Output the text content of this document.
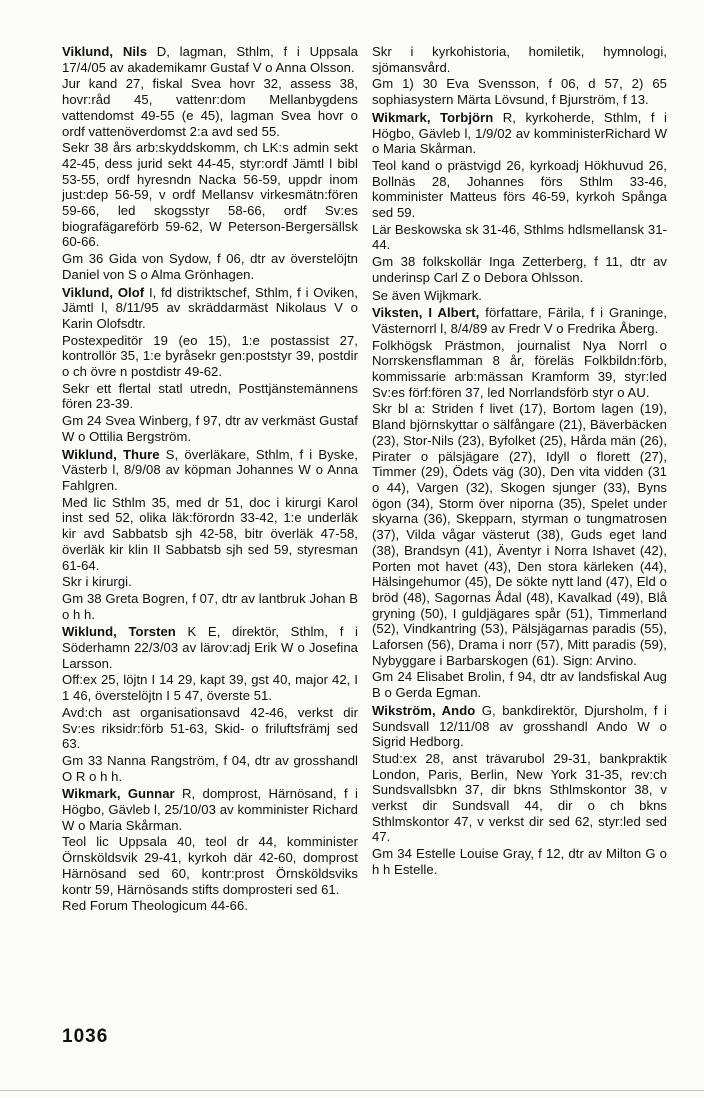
Viklund, Nils D, lagman, Sthlm, f i Uppsala 17/4/05 av akademikamr Gustaf V o Anna Olsson.

Jur kand 27, fiskal Svea hovr 32, assess 38, hovr:råd 45, vattenr:dom Mellanbygdens vattendomst 49-55 (e 45), lagman Svea hovr o ordf vattenöverdomst 2:a avd sed 55.

Sekr 38 års arb:skyddskomm, ch LK:s admin sekt 42-45, dess jurid sekt 44-45, styr:ordf Jämtl l bibl 53-55, ordf hyresndn Nacka 56-59, uppdr inom just:dep 56-59, v ordf Mellansv virkesmätn:fören 59-66, led skogsstyr 58-66, ordf Sv:es biografägareförb 59-62, W Peterson-Bergersällsk 60-66.

Gm 36 Gida von Sydow, f 06, dtr av överstelöjtn Daniel von S o Alma Grönhagen.

Viklund, Olof I, fd distriktschef, Sthlm, f i Oviken, Jämtl l, 8/11/95 av skräddarmäst Nikolaus V o Karin Olofsdtr.

Postexpeditör 19 (eo 15), 1:e postassist 27, kontrollör 35, 1:e byråsekr gen:poststyr 39, postdir o ch övre n postdistr 49-62.

Sekr ett flertal statl utredn, Posttjänstemännens fören 23-39.

Gm 24 Svea Winberg, f 97, dtr av verkmäst Gustaf W o Ottilia Bergström.

Wiklund, Thure S, överläkare, Sthlm, f i Byske, Västerb l, 8/9/08 av köpman Johannes W o Anna Fahlgren.

Med lic Sthlm 35, med dr 51, doc i kirurgi Karol inst sed 52, olika läk:förordn 33-42, 1:e underläk kir avd Sabbatsb sjh 42-58, bitr överläk 47-58, överläk kir klin II Sabbatsb sjh sed 59, styresman 61-64.

Skr i kirurgi.

Gm 38 Greta Bogren, f 07, dtr av lantbruk Johan B o h h.

Wiklund, Torsten K E, direktör, Sthlm, f i Söderhamn 22/3/03 av lärov:adj Erik W o Josefina Larsson.

Off:ex 25, löjtn I 14 29, kapt 39, gst 40, major 42, I 1 46, överstelöjtn I 5 47, överste 51.

Avd:ch ast organisationsavd 42-46, verkst dir Sv:es riksidr:förb 51-63, Skid- o friluftsfrämj sed 63.

Gm 33 Nanna Rangström, f 04, dtr av grosshandl O R o h h.

Wikmark, Gunnar R, domprost, Härnösand, f i Högbo, Gävleb l, 25/10/03 av komminister Richard W o Maria Skårman.

Teol lic Uppsala 40, teol dr 44, komminister Örnsköldsvik 29-41, kyrkoh där 42-60, domprost Härnösand sed 60, kontr:prost Örnsköldsviks kontr 59, Härnösands stifts domprosteri sed 61.

Red Forum Theologicum 44-66.

Skr i kyrkohistoria, homiletik, hymnologi, sjömansvård.

Gm 1) 30 Eva Svensson, f 06, d 57, 2) 65 sophiasystern Märta Lövsund, f Bjurström, f 13.

Wikmark, Torbjörn R, kyrkoherde, Sthlm, f i Högbo, Gävleb l, 1/9/02 av komministerRichard W o Maria Skårman.

Teol kand o prästvigd 26, kyrkoadj Hökhuvud 26, Bollnäs 28, Johannes förs Sthlm 33-46, komminister Matteus förs 46-59, kyrkoh Spånga sed 59.

Lär Beskowska sk 31-46, Sthlms hdlsmellansk 31-44.

Gm 38 folkskollär Inga Zetterberg, f 11, dtr av underinsp Carl Z o Debora Ohlsson.

Se även Wijkmark.

Viksten, I Albert, författare, Färila, f i Graninge, Västernorrl l, 8/4/89 av Fredr V o Fredrika Åberg.

Folkhögsk Prästmon, journalist Nya Norrl o Norrskensflamman 8 år, föreläs Folkbildn:förb, kommissarie arb:mässan Kramform 39, styr:led Sv:es förf:fören 37, led Norrlandsförb styr o AU.

Skr bl a: Striden f livet (17), Bortom lagen (19), Bland björnskyttar o sälfångare (21), Bäverbäcken (23), Stor-Nils (23), Byfolket (25), Hårda män (26), Pirater o pälsjägare (27), Idyll o florett (27), Timmer (29), Ödets väg (30), Den vita vidden (31 o 44), Vargen (32), Skogen sjunger (33), Byns ögon (34), Storm över niporna (35), Spelet under skyarna (36), Skepparn, styrman o tungmatrosen (37), Vilda vågar västerut (38), Guds eget land (38), Brandsyn (41), Äventyr i Norra Ishavet (42), Porten mot havet (43), Den stora kärleken (44), Hälsingehumor (45), De sökte nytt land (47), Eld o bröd (48), Sagornas Ådal (48), Kavalkad (49), Blå gryning (50), I guldjägares spår (51), Timmerland (52), Vindkantring (53), Pälsjägarnas paradis (55), Laforsen (56), Drama i norr (57), Mitt paradis (59), Nybyggare i Barbarskogen (61). Sign: Arvino.

Gm 24 Elisabet Brolin, f 94, dtr av landsfiskal Aug B o Gerda Egman.

Wikström, Ando G, bankdirektör, Djursholm, f i Sundsvall 12/11/08 av grosshandl Ando W o Sigrid Hedborg.

Stud:ex 28, anst trävarubol 29-31, bankpraktik London, Paris, Berlin, New York 31-35, rev:ch Sundsvallsbkn 37, dir bkns Sthlmskontor 38, v verkst dir Sundsvall 44, dir o ch bkns Sthlmskontor 47, v verkst dir sed 62, styr:led sed 47.

Gm 34 Estelle Louise Gray, f 12, dtr av Milton G o h h Estelle.

1036
